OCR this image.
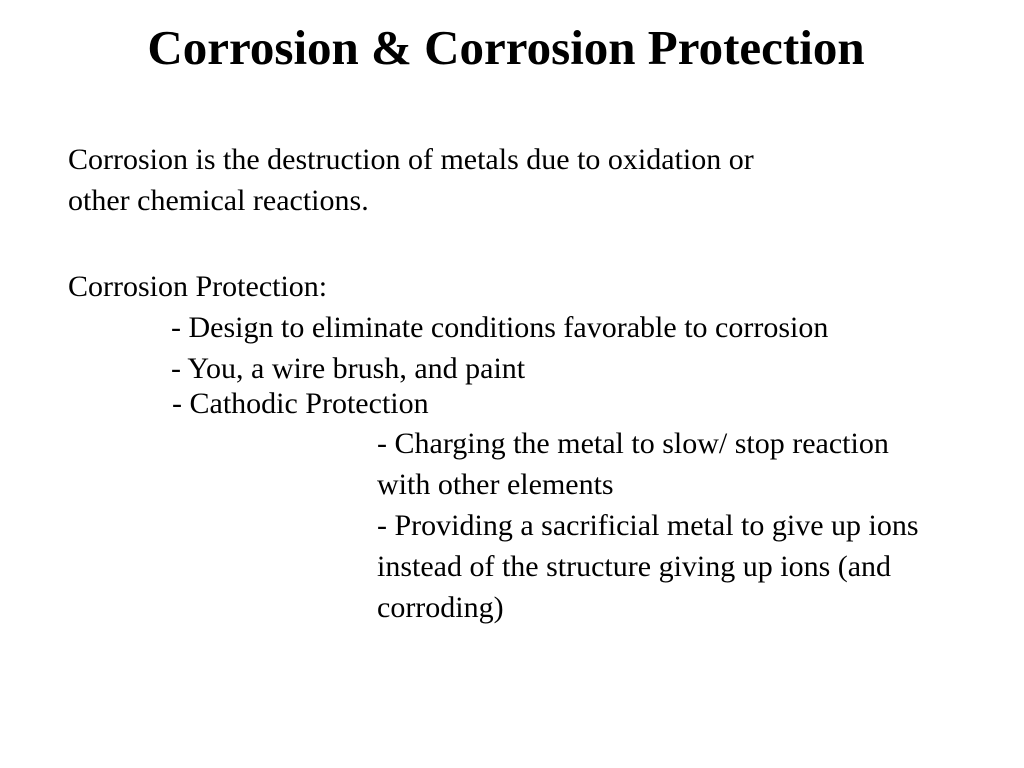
Corrosion & Corrosion Protection
Corrosion is the destruction of metals due to oxidation or
other chemical reactions.
Corrosion Protection:
- Design to eliminate conditions favorable to corrosion
- You, a wire brush, and paint
- Cathodic Protection
- Charging the metal to slow/ stop reaction
with other elements
- Providing a sacrificial metal to give up ions
instead of the structure giving up ions (and
corroding)
